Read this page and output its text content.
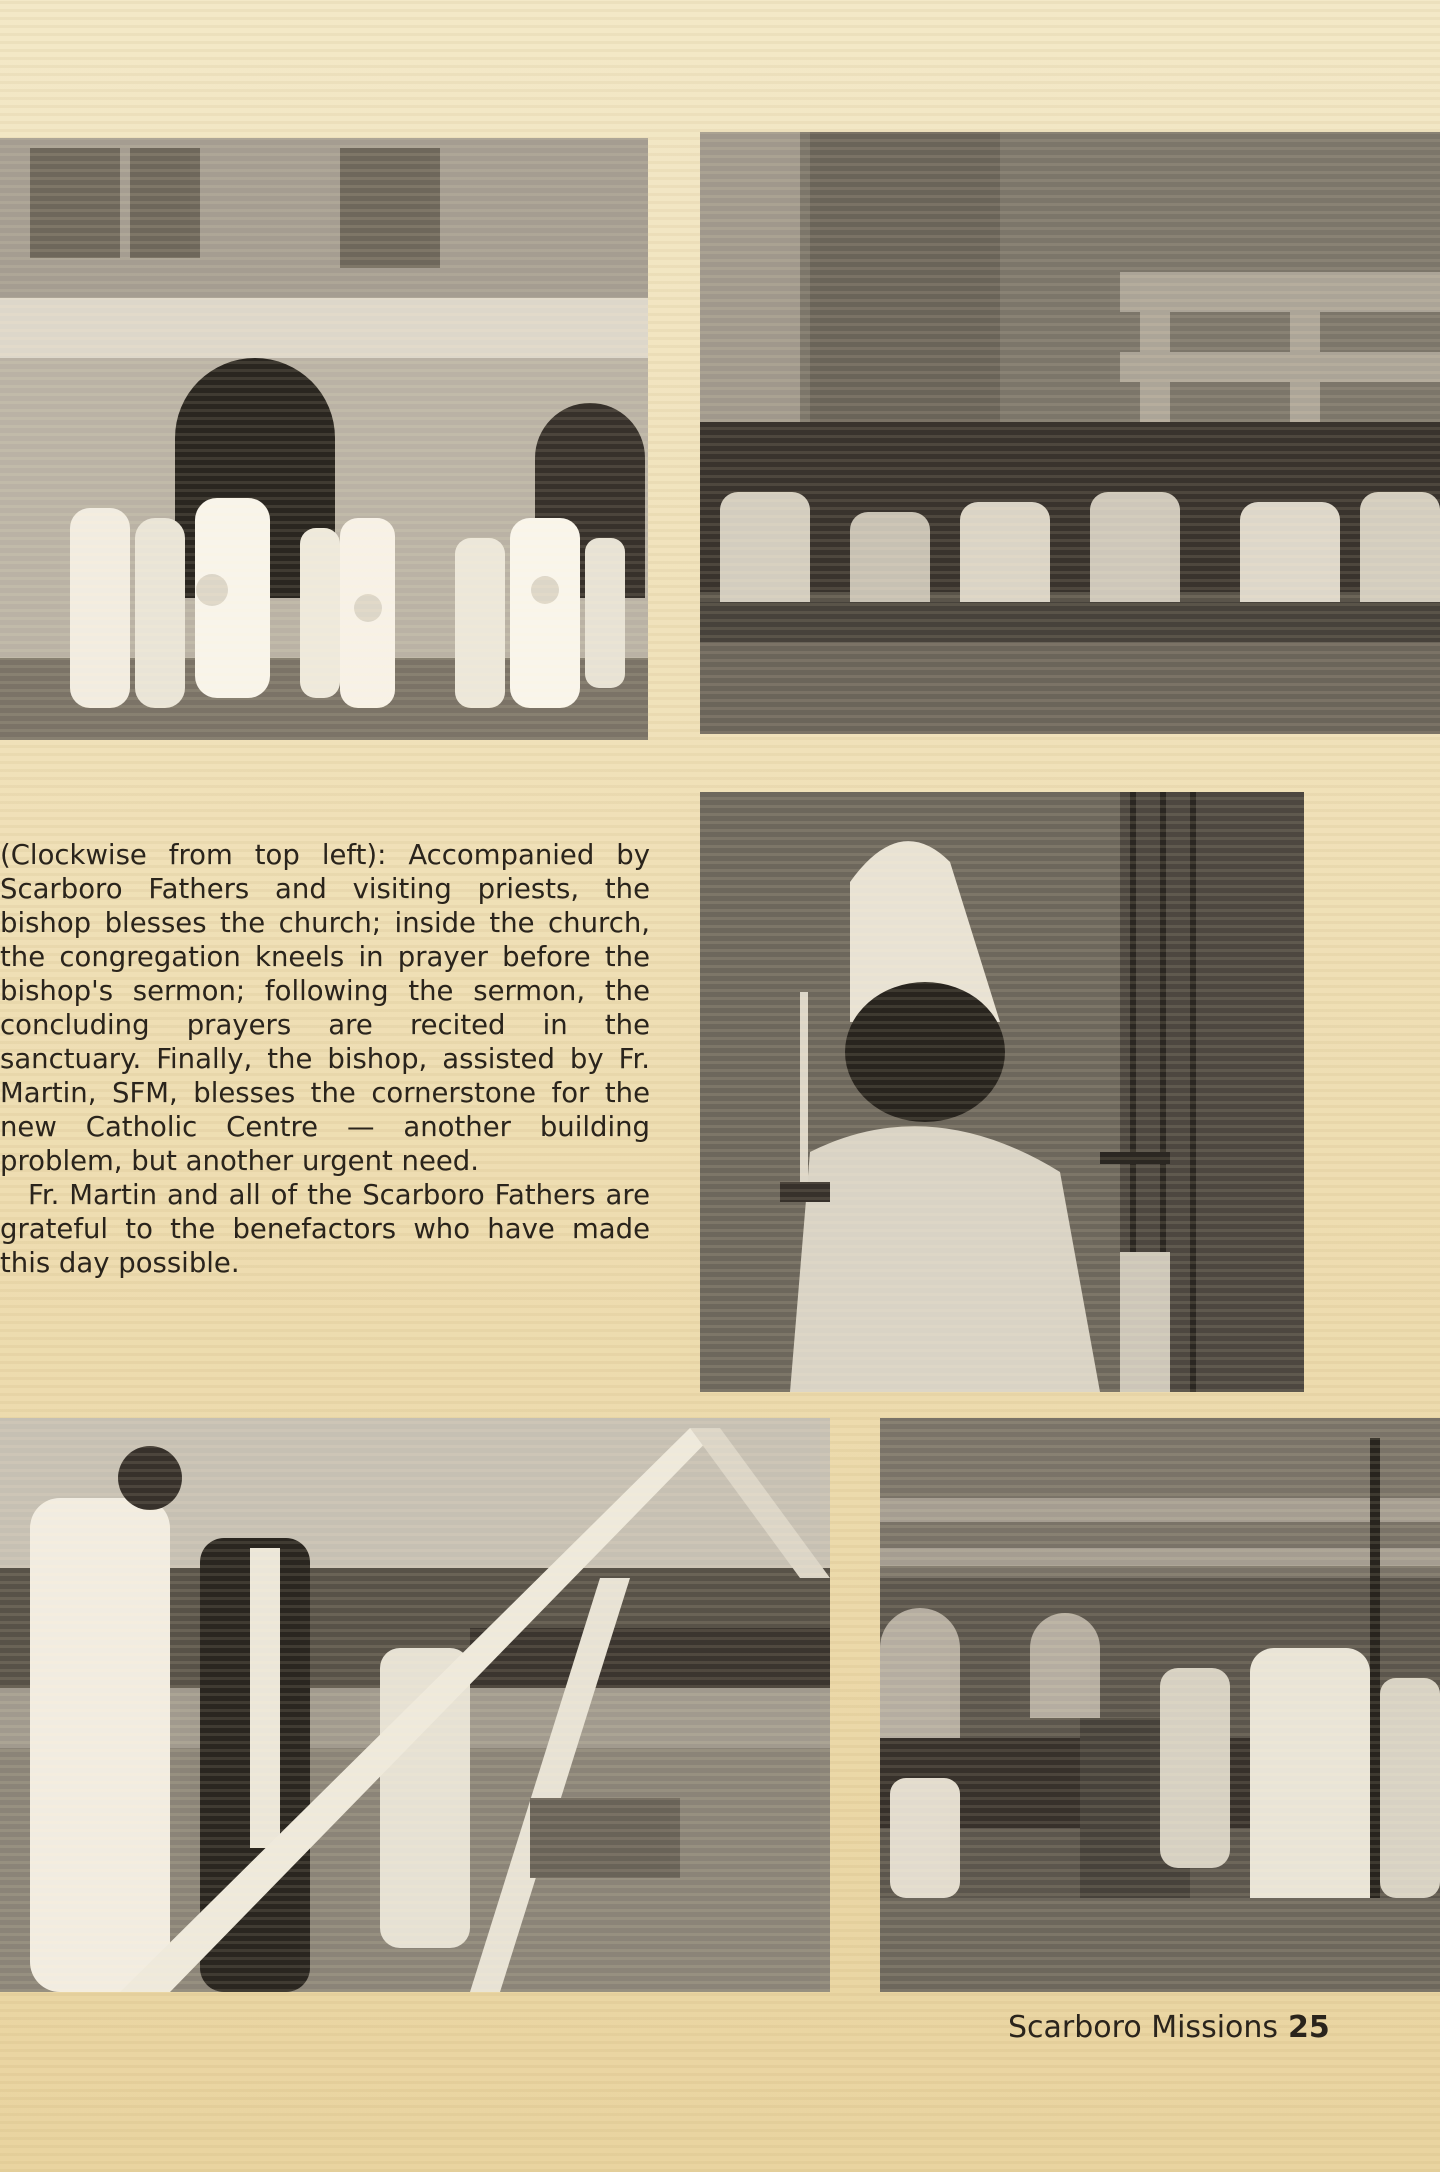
(Clockwise from top left): Accompanied by Scarboro Fathers and visiting priests, the bishop blesses the church; inside the church, the congregation kneels in prayer before the bishop's sermon; following the sermon, the concluding prayers are recited in the sanctuary. Finally, the bishop, assisted by Fr. Martin, SFM, blesses the cornerstone for the new Catholic Centre — another building problem, but another urgent need.

Fr. Martin and all of the Scarboro Fathers are grateful to the benefactors who have made this day possible.

Scarboro Missions 25
